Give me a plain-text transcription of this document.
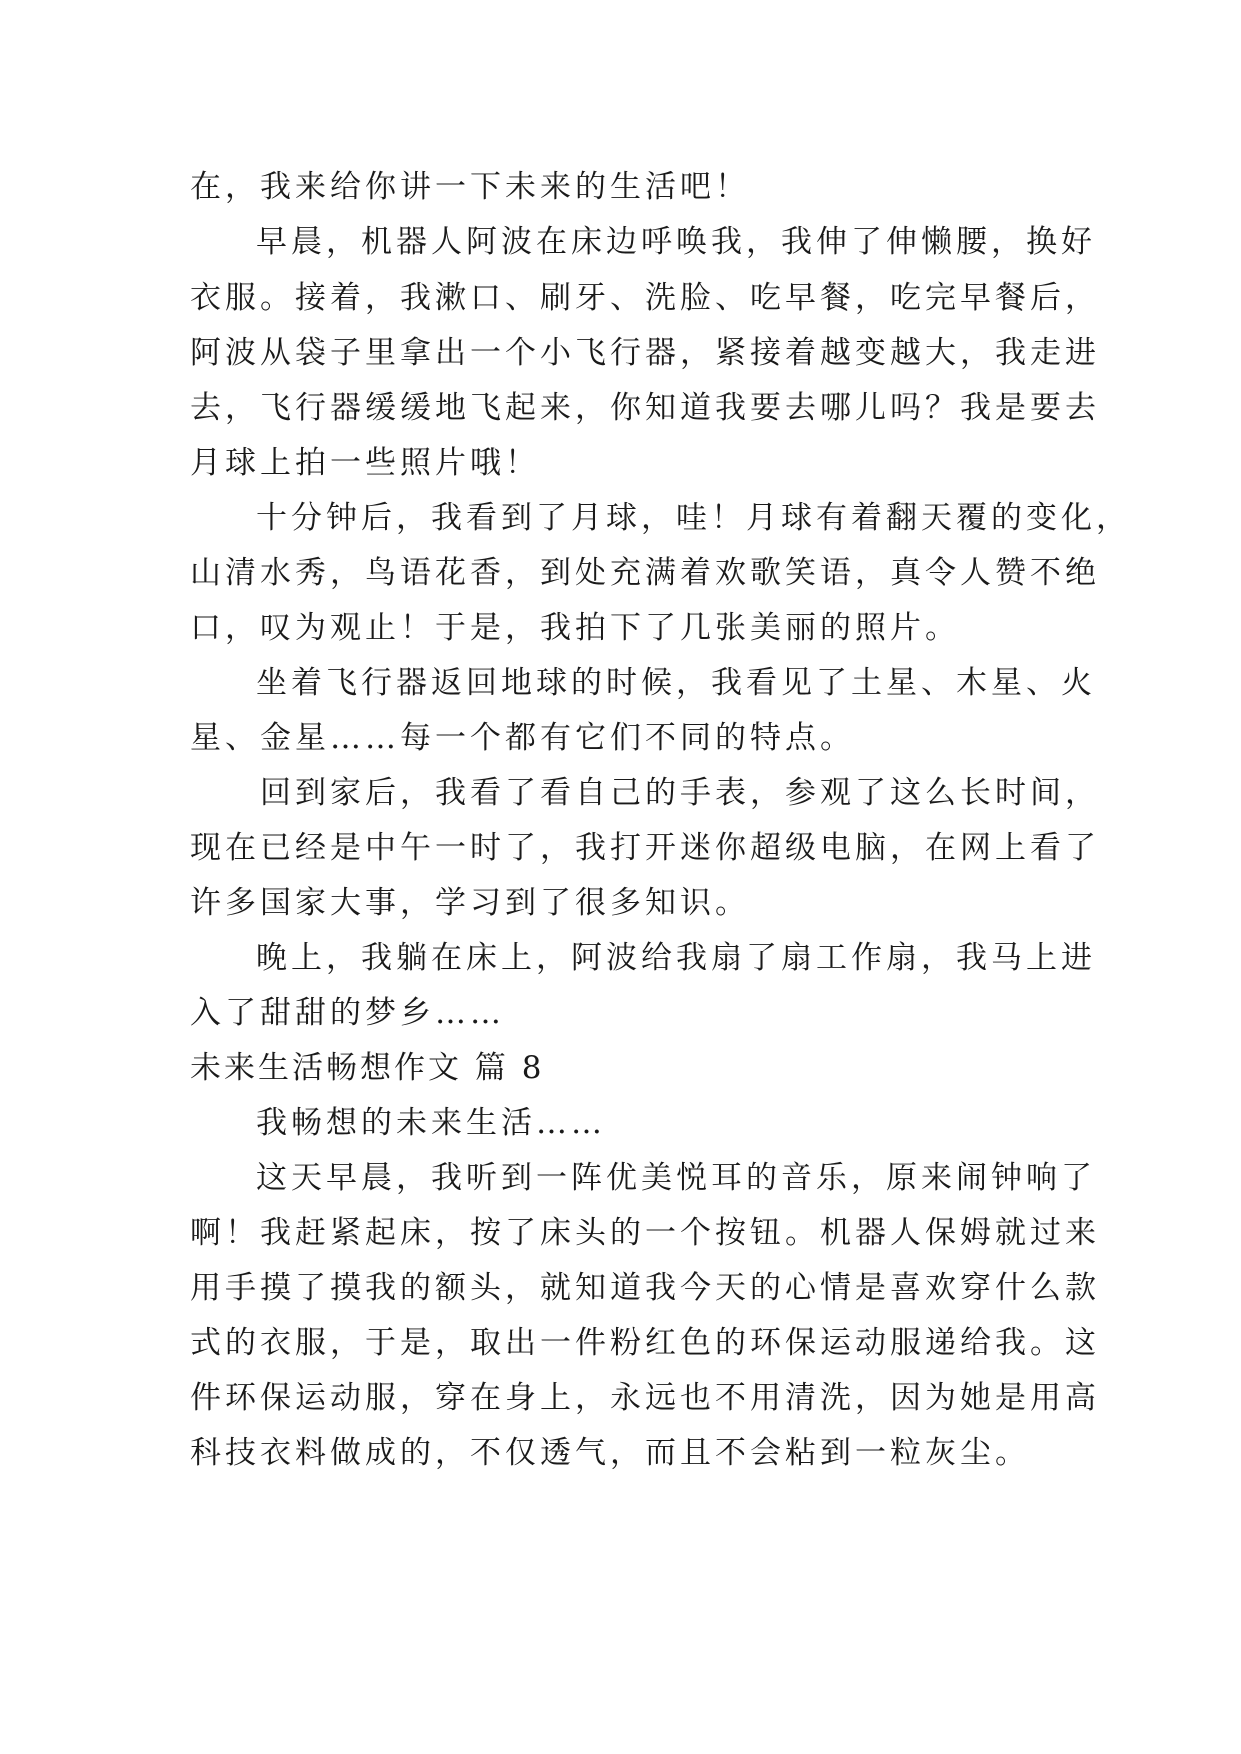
在，我来给你讲一下未来的生活吧！
早晨，机器人阿波在床边呼唤我，我伸了伸懒腰，换好
衣服。接着，我漱口、刷牙、洗脸、吃早餐，吃完早餐后，
阿波从袋子里拿出一个小飞行器，紧接着越变越大，我走进
去，飞行器缓缓地飞起来，你知道我要去哪儿吗？我是要去
月球上拍一些照片哦！
十分钟后，我看到了月球，哇！月球有着翻天覆的变化，
山清水秀，鸟语花香，到处充满着欢歌笑语，真令人赞不绝
口，叹为观止！于是，我拍下了几张美丽的照片。
坐着飞行器返回地球的时候，我看见了土星、木星、火
星、金星……每一个都有它们不同的特点。
回到家后，我看了看自己的手表，参观了这么长时间，
现在已经是中午一时了，我打开迷你超级电脑，在网上看了
许多国家大事，学习到了很多知识。
晚上，我躺在床上，阿波给我扇了扇工作扇，我马上进
入了甜甜的梦乡……
未来生活畅想作文 篇 8
我畅想的未来生活……
这天早晨，我听到一阵优美悦耳的音乐，原来闹钟响了
啊！我赶紧起床，按了床头的一个按钮。机器人保姆就过来
用手摸了摸我的额头，就知道我今天的心情是喜欢穿什么款
式的衣服，于是，取出一件粉红色的环保运动服递给我。这
件环保运动服，穿在身上，永远也不用清洗，因为她是用高
科技衣料做成的，不仅透气，而且不会粘到一粒灰尘。
